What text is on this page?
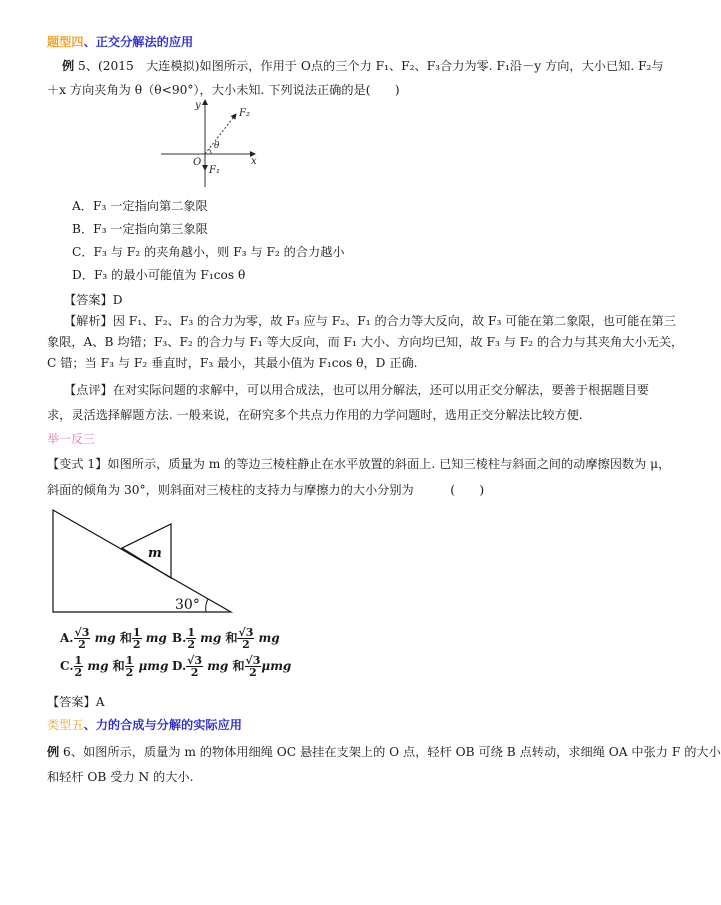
题型四、正交分解法的应用
例 5、(2015　大连模拟)如图所示，作用于 O点的三个力 F₁、F₂、F₃合力为零. F₁沿－y 方向，大小已知. F₂与
＋x 方向夹角为 θ（θ<90°），大小未知. 下列说法正确的是(　　)
y
x
O
F₂
F₁
θ
A．F₃ 一定指向第二象限
B．F₃ 一定指向第三象限
C．F₃ 与 F₂ 的夹角越小，则 F₃ 与 F₂ 的合力越小
D．F₃ 的最小可能值为 F₁cos θ
【答案】D
【解析】因 F₁、F₂、F₃ 的合力为零，故 F₃ 应与 F₂、F₁ 的合力等大反向，故 F₃ 可能在第二象限，也可能在第三
象限，A、B 均错；F₃、F₂ 的合力与 F₁ 等大反向，而 F₁ 大小、方向均已知，故 F₃ 与 F₂ 的合力与其夹角大小无关，
C 错；当 F₃ 与 F₂ 垂直时，F₃ 最小，其最小值为 F₁cos θ，D 正确.
【点评】在对实际问题的求解中，可以用合成法，也可以用分解法，还可以用正交分解法，要善于根据题目要
求，灵活选择解题方法. 一般来说，在研究多个共点力作用的力学问题时，选用正交分解法比较方便.
举一反三
【变式 1】如图所示，质量为 m 的等边三棱柱静止在水平放置的斜面上. 已知三棱柱与斜面之间的动摩擦因数为 μ，
斜面的倾角为 30°，则斜面对三棱柱的支持力与摩擦力的大小分别为　　　(　　)
m
30°
A. $\frac{√3}{2}$ mg 和 $\frac{1}{2}$ mg B. $\frac{1}{2}$ mg 和 $\frac{√3}{2}$ mg
C. $\frac{1}{2}$ mg 和 $\frac{1}{2}$ μmg D. $\frac{√3}{2}$ mg 和 $\frac{√3}{2}$ μmg
【答案】A
类型五、力的合成与分解的实际应用
例 6、如图所示，质量为 m 的物体用细绳 OC 悬挂在支架上的 O 点，轻杆 OB 可绕 B 点转动，求细绳 OA 中张力 F 的大小
和轻杆 OB 受力 N 的大小.
